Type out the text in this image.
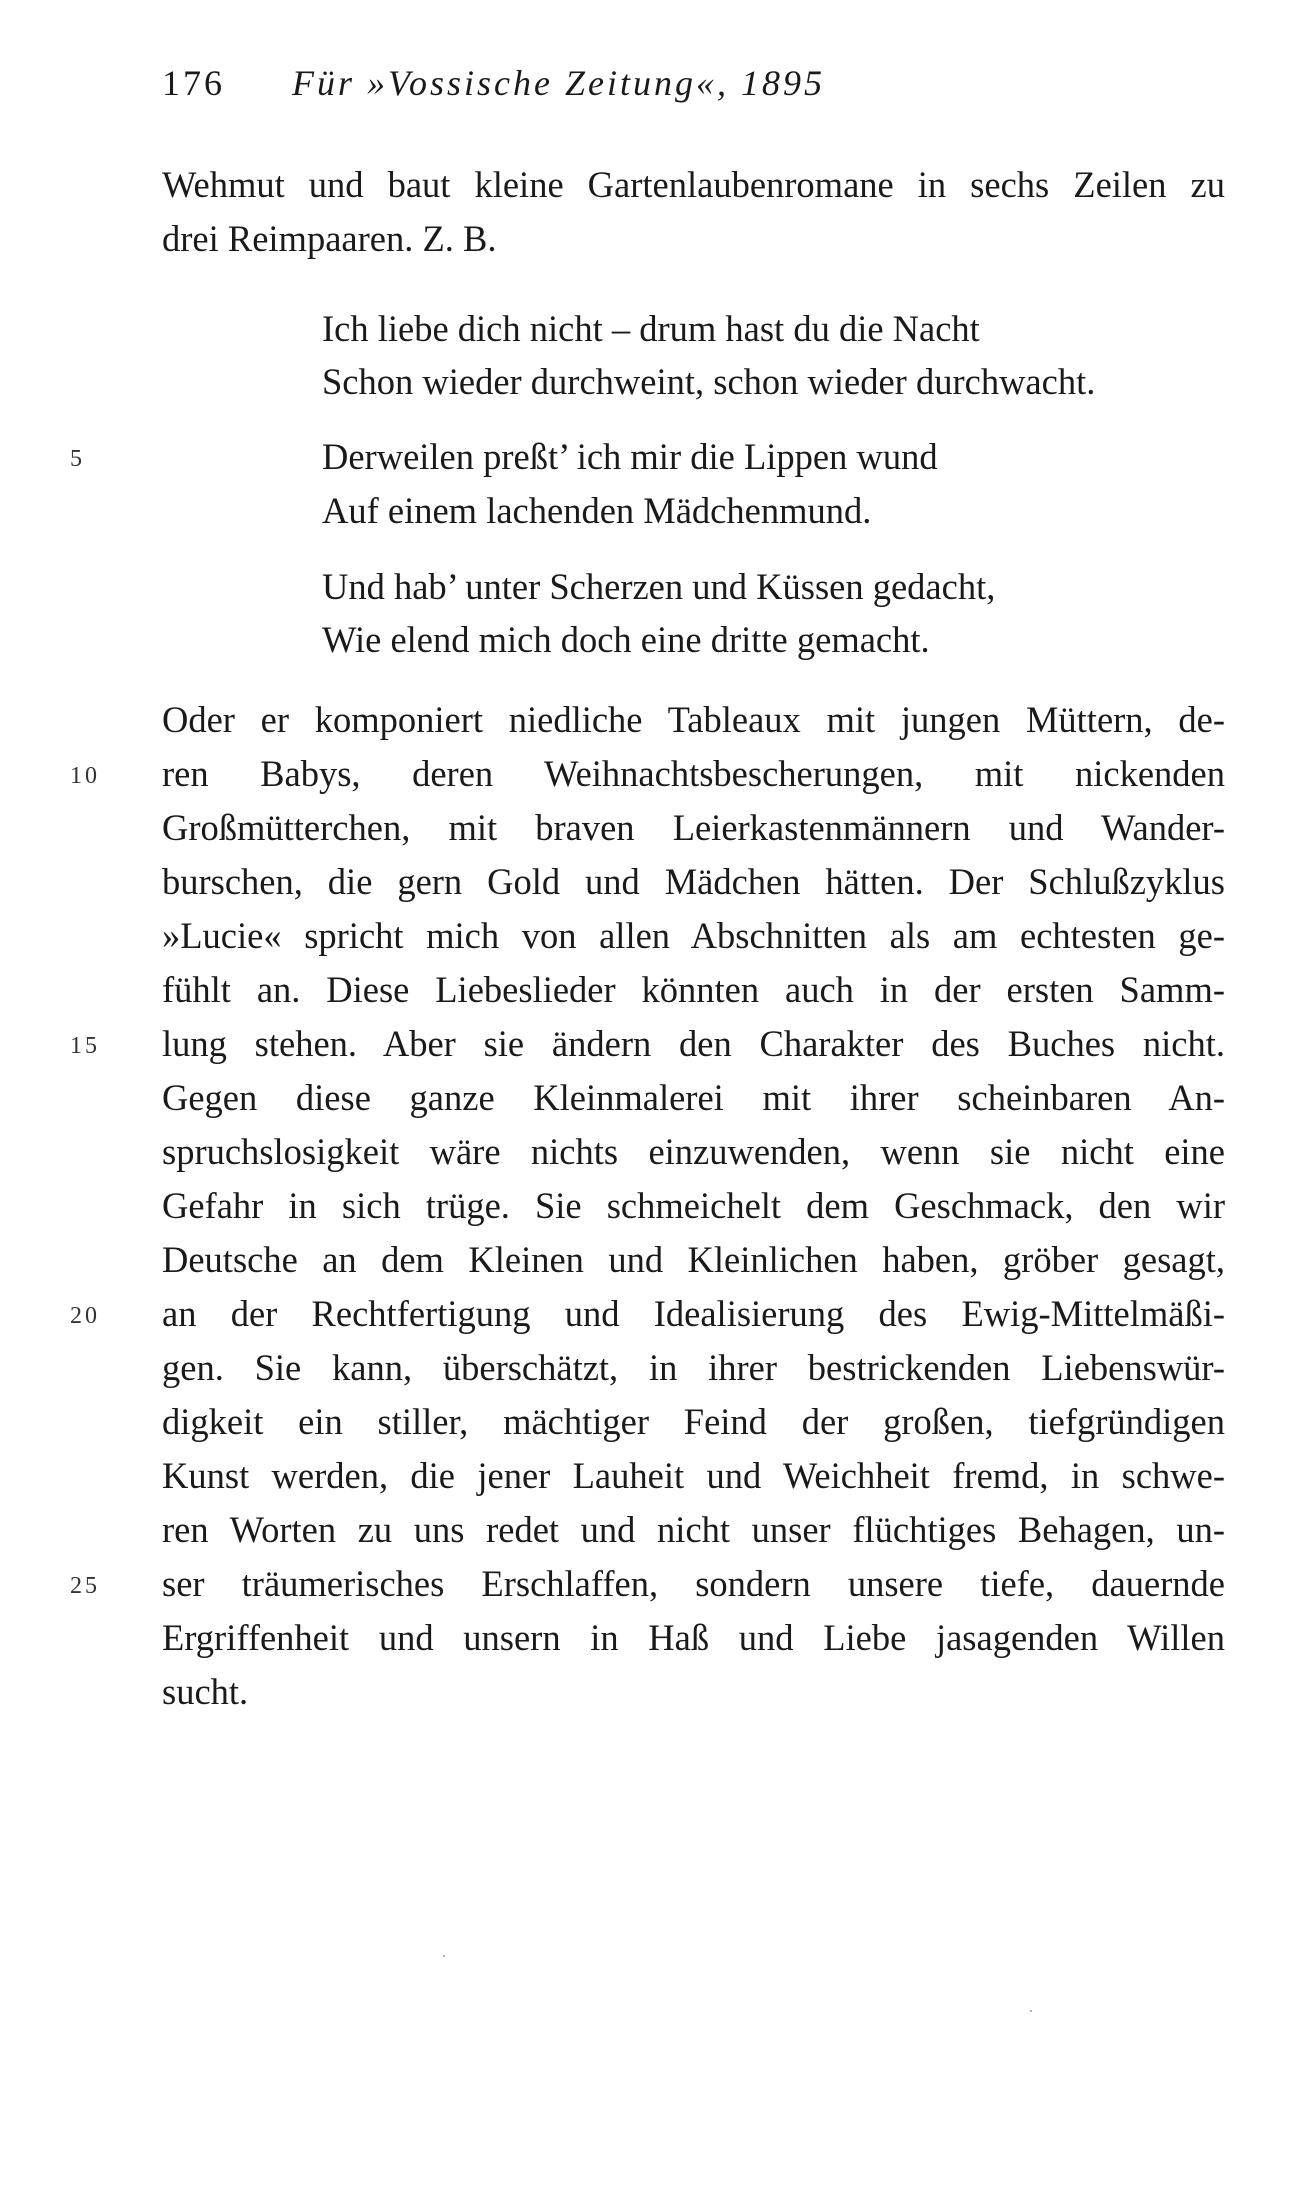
176 Für »Vossische Zeitung«, 1895
Wehmut und baut kleine Gartenlaubenromane in sechs Zeilen zu
drei Reimpaaren. Z. B.
Ich liebe dich nicht – drum hast du die Nacht
Schon wieder durchweint, schon wieder durchwacht.
Derweilen preßt’ ich mir die Lippen wund
Auf einem lachenden Mädchenmund.
Und hab’ unter Scherzen und Küssen gedacht,
Wie elend mich doch eine dritte gemacht.
Oder er komponiert niedliche Tableaux mit jungen Müttern, de-
ren Babys, deren Weihnachtsbescherungen, mit nickenden
Großmütterchen, mit braven Leierkastenmännern und Wander-
burschen, die gern Gold und Mädchen hätten. Der Schlußzyklus
»Lucie« spricht mich von allen Abschnitten als am echtesten ge-
fühlt an. Diese Liebeslieder könnten auch in der ersten Samm-
lung stehen. Aber sie ändern den Charakter des Buches nicht.
Gegen diese ganze Kleinmalerei mit ihrer scheinbaren An-
spruchslosigkeit wäre nichts einzuwenden, wenn sie nicht eine
Gefahr in sich trüge. Sie schmeichelt dem Geschmack, den wir
Deutsche an dem Kleinen und Kleinlichen haben, gröber gesagt,
an der Rechtfertigung und Idealisierung des Ewig-Mittelmäßi-
gen. Sie kann, überschätzt, in ihrer bestrickenden Liebenswür-
digkeit ein stiller, mächtiger Feind der großen, tiefgründigen
Kunst werden, die jener Lauheit und Weichheit fremd, in schwe-
ren Worten zu uns redet und nicht unser flüchtiges Behagen, un-
ser träumerisches Erschlaffen, sondern unsere tiefe, dauernde
Ergriffenheit und unsern in Haß und Liebe jasagenden Willen
sucht.
5
10
15
20
25
